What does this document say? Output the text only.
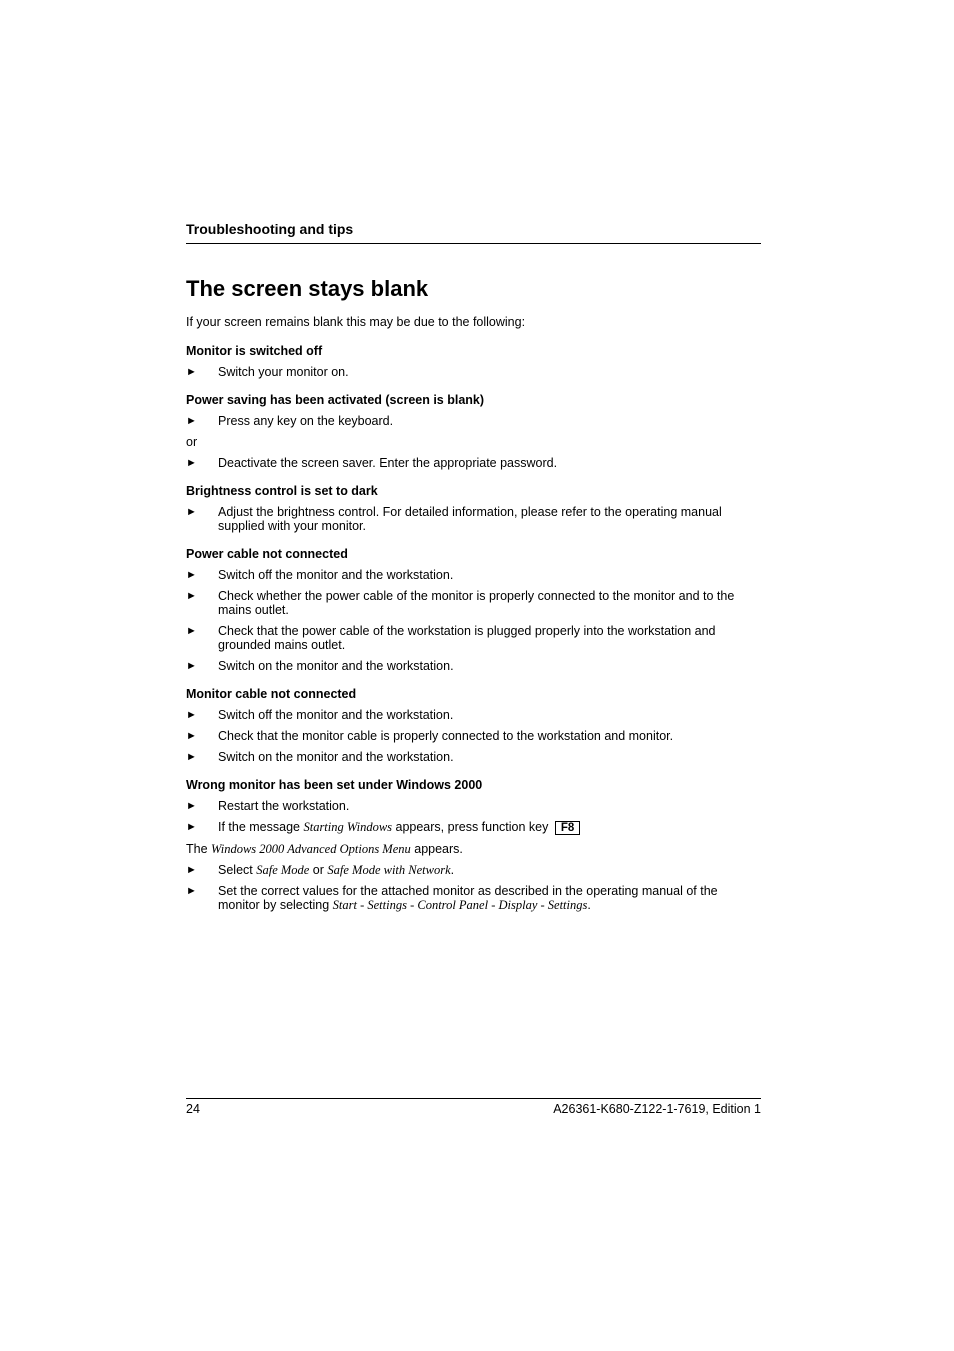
Troubleshooting and tips
The screen stays blank
If your screen remains blank this may be due to the following:
Monitor is switched off
►	Switch your monitor on.
Power saving has been activated (screen is blank)
►	Press any key on the keyboard.
or
►	Deactivate the screen saver. Enter the appropriate password.
Brightness control is set to dark
►	Adjust the brightness control. For detailed information, please refer to the operating manual supplied with your monitor.
Power cable not connected
►	Switch off the monitor and the workstation.
►	Check whether the power cable of the monitor is properly connected to the monitor and to the mains outlet.
►	Check that the power cable of the workstation is plugged properly into the workstation and grounded mains outlet.
►	Switch on the monitor and the workstation.
Monitor cable not connected
►	Switch off the monitor and the workstation.
►	Check that the monitor cable is properly connected to the workstation and monitor.
►	Switch on the monitor and the workstation.
Wrong monitor has been set under Windows 2000
►	Restart the workstation.
►	If the message Starting Windows appears, press function key F8
The Windows 2000 Advanced Options Menu appears.
►	Select Safe Mode or Safe Mode with Network.
►	Set the correct values for the attached monitor as described in the operating manual of the monitor by selecting Start - Settings - Control Panel - Display - Settings.
24	A26361-K680-Z122-1-7619, Edition 1
